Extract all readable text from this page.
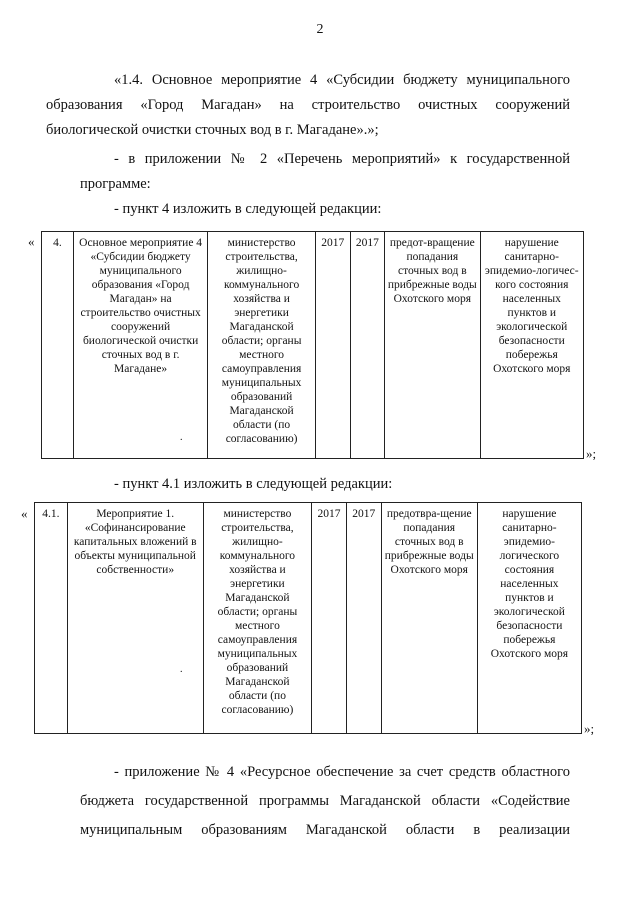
2
«1.4. Основное мероприятие 4 «Субсидии бюджету муниципального
образования «Город Магадан» на строительство очистных сооружений
биологической очистки сточных вод в г. Магадане».»;
- в приложении № 2 «Перечень мероприятий» к государственной
программе:
- пункт 4 изложить в следующей редакции:
« 4.	Основное мероприятие 4 «Субсидии бюджету муниципального образования «Город Магадан» на строительство очистных сооружений биологической очистки сточных вод в г. Магадане»	министерство строительства, жилищно-коммунального хозяйства и энергетики Магаданской области; органы местного самоуправления муниципальных образований Магаданской области (по согласованию)	2017	2017	предот-вращение попадания сточных вод в прибрежные воды Охотского моря	нарушение санитарно-эпидемио-логичес-кого состояния населенных пунктов и экологической безопасности побережья Охотского моря
.
»;
- пункт 4.1 изложить в следующей редакции:
« 4.1.	Мероприятие 1. «Софинансирование капитальных вложений в объекты муниципальной собственности»	министерство строительства, жилищно-коммунального хозяйства и энергетики Магаданской области; органы местного самоуправления муниципальных образований Магаданской области (по согласованию)	2017	2017	предотвра-щение попадания сточных вод в прибрежные воды Охотского моря	нарушение санитарно-эпидемио-логического состояния населенных пунктов и экологической безопасности побережья Охотского моря
.
»;
- приложение № 4 «Ресурсное обеспечение за счет средств областного
бюджета государственной программы Магаданской области «Содействие
муниципальным образованиям Магаданской области в реализации
